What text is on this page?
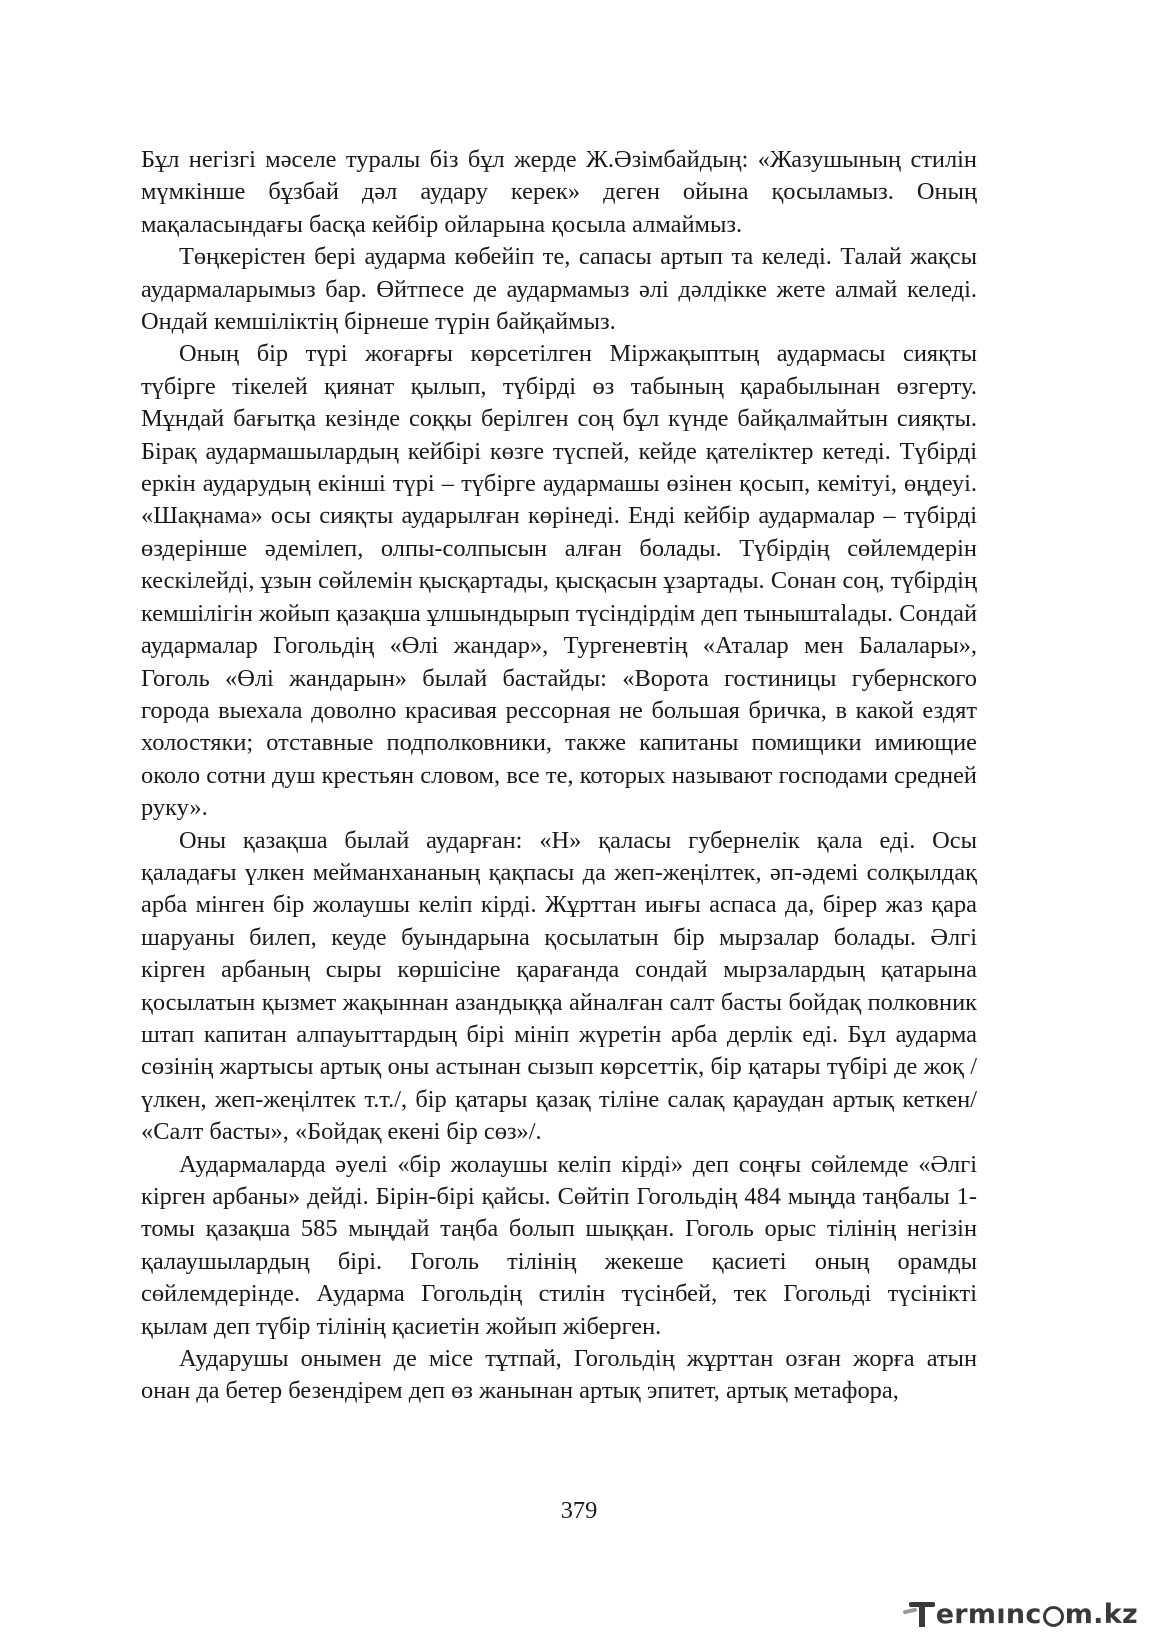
Бұл негізгі мәселе туралы біз бұл жерде Ж.Әзімбайдың: «Жазушының стилін мүмкінше бұзбай дәл аудару керек» деген ойына қосыламыз. Оның мақаласындағы басқа кейбір ойларына қосыла алмаймыз.

Төңкерістен бері аударма көбейіп те, сапасы артып та келеді. Талай жақсы аудармаларымыз бар. Өйтпесе де аудармамыз әлі дәлдікке жете алмай келеді. Ондай кемшіліктің бірнеше түрін байқаймыз.

Оның бір түрі жоғарғы көрсетілген Міржақыптың аудармасы сияқты түбірге тікелей қиянат қылып, түбірді өз табының қарабылынан өзгерту. Мұндай бағытқа кезінде соққы берілген соң бұл күнде байқалмайтын сияқты. Бірақ аудармашылардың кейбірі көзге түспей, кейде қателіктер кетеді. Түбірді еркін аударудың екінші түрі – түбірге аудармашы өзінен қосып, кемітуі, өңдеуі. «Шақнама» осы сияқты аударылған көрінеді. Енді кейбір аудармалар – түбірді өздерінше әдемілеп, олпы-солпысын алған болады. Түбірдің сөйлемдерін кескілейді, ұзын сөйлемін қысқартады, қысқасын ұзартады. Сонан соң, түбірдің кемшілігін жойып қазақша ұлшындырып түсіндірдім деп тыныштalады. Сондай аудармалар Гогольдің «Өлі жандар», Тургеневтің «Аталар мен Балалары», Гоголь «Өлі жандарын» былай бастайды: «Ворота гостиницы губернского города выехала доволно красивая рессорная не большая бричка, в какой ездят холостяки; отставные подполковники, также капитаны помищики имиющие около сотни душ крестьян словом, все те, которых называют господами средней руку».

Оны қазақша былай аударған: «Н» қаласы губернелік қала еді. Осы қаладағы үлкен мейманхананың қақпасы да жеп-жеңілтек, әп-әдемі солқылдақ арба мінген бір жолаушы келіп кірді. Жұрттан иығы аспаса да, бірер жаз қара шаруаны билеп, кеуде буындарына қосылатын бір мырзалар болады. Әлгі кірген арбаның сыры көршісіне қарағанда сондай мырзалардың қатарына қосылатын қызмет жақыннан азандыққа айналған салт басты бойдақ полковник штап капитан алпауыттардың бірі мініп жүретін арба дерлік еді. Бұл аударма сөзінің жартысы артық оны астынан сызып көрсеттік, бір қатары түбірі де жоқ /үлкен, жеп-жеңілтек т.т./, бір қатары қазақ тіліне салақ қараудан артық кеткен/ «Салт басты», «Бойдақ екені бір сөз»/.

Аудармаларда әуелі «бір жолаушы келіп кірді» деп соңғы сөйлемде «Әлгі кірген арбаны» дейді. Бірін-бірі қайсы. Сөйтіп Гогольдің 484 мыңда таңбалы 1-томы қазақша 585 мыңдай таңба болып шыққан. Гоголь орыс тілінің негізін қалаушылардың бірі. Гоголь тілінің жекеше қасиеті оның орамды сөйлемдерінде. Аударма Гогольдің стилін түсінбей, тек Гогольді түсінікті қылам деп түбір тілінің қасиетін жойып жіберген.

Аударушы онымен де місе тұтпай, Гогольдің жұрттан озған жорға атын онан да бетер безендірем деп өз жанынан артық эпитет, артық метафора,

379
ermınc m.kz
